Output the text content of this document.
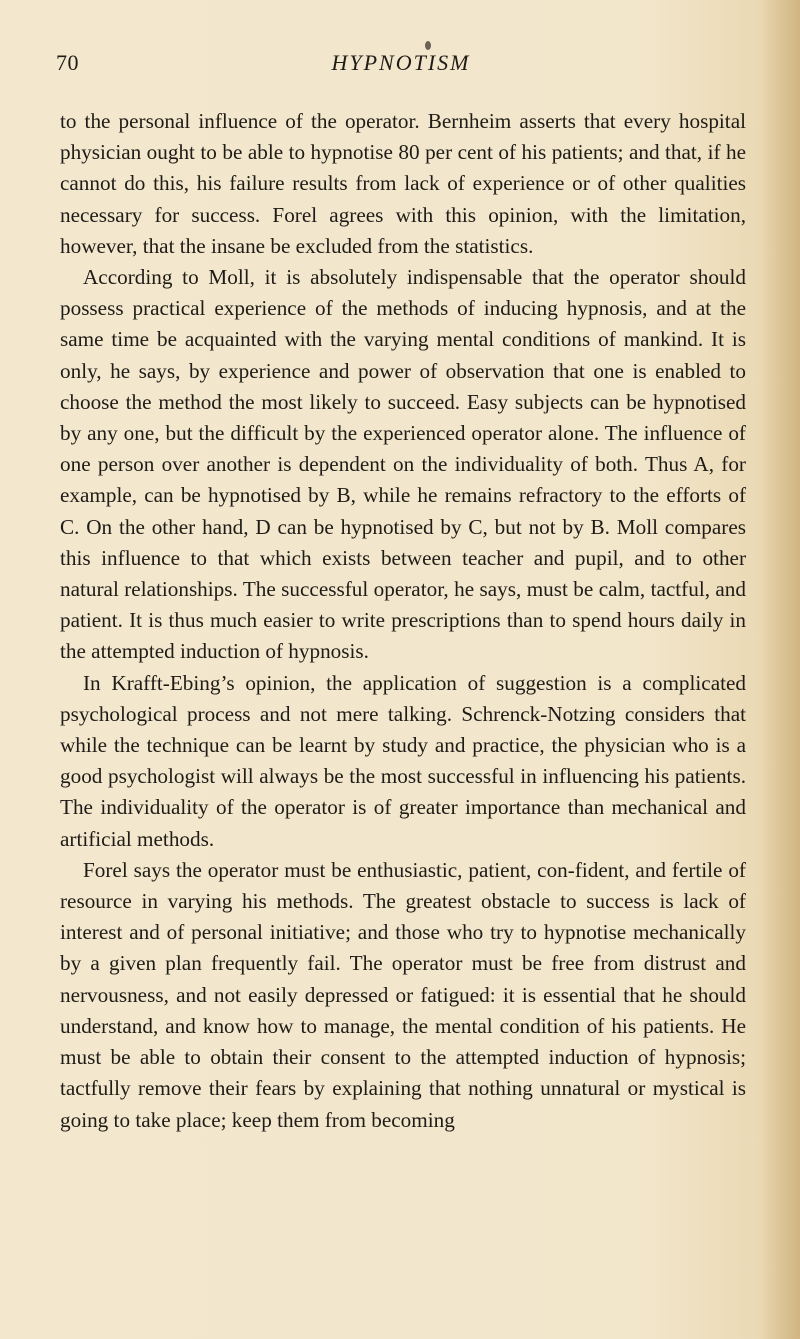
70	HYPNOTISM

to the personal influence of the operator. Bernheim asserts that every hospital physician ought to be able to hypnotise 80 per cent of his patients; and that, if he cannot do this, his failure results from lack of experience or of other qualities necessary for success. Forel agrees with this opinion, with the limitation, however, that the insane be excluded from the statistics.

According to Moll, it is absolutely indispensable that the operator should possess practical experience of the methods of inducing hypnosis, and at the same time be acquainted with the varying mental conditions of mankind. It is only, he says, by experience and power of observation that one is enabled to choose the method the most likely to succeed. Easy subjects can be hypnotised by any one, but the difficult by the experienced operator alone. The influence of one person over another is dependent on the individuality of both. Thus A, for example, can be hypnotised by B, while he remains refractory to the efforts of C. On the other hand, D can be hypnotised by C, but not by B. Moll compares this influence to that which exists between teacher and pupil, and to other natural relationships. The successful operator, he says, must be calm, tactful, and patient. It is thus much easier to write prescriptions than to spend hours daily in the attempted induction of hypnosis.

In Krafft-Ebing’s opinion, the application of suggestion is a complicated psychological process and not mere talking. Schrenck-Notzing considers that while the technique can be learnt by study and practice, the physician who is a good psychologist will always be the most successful in influencing his patients. The individuality of the operator is of greater importance than mechanical and artificial methods.

Forel says the operator must be enthusiastic, patient, con-fident, and fertile of resource in varying his methods. The greatest obstacle to success is lack of interest and of personal initiative; and those who try to hypnotise mechanically by a given plan frequently fail. The operator must be free from distrust and nervousness, and not easily depressed or fatigued: it is essential that he should understand, and know how to manage, the mental condition of his patients. He must be able to obtain their consent to the attempted induction of hypnosis; tactfully remove their fears by explaining that nothing unnatural or mystical is going to take place; keep them from becoming
